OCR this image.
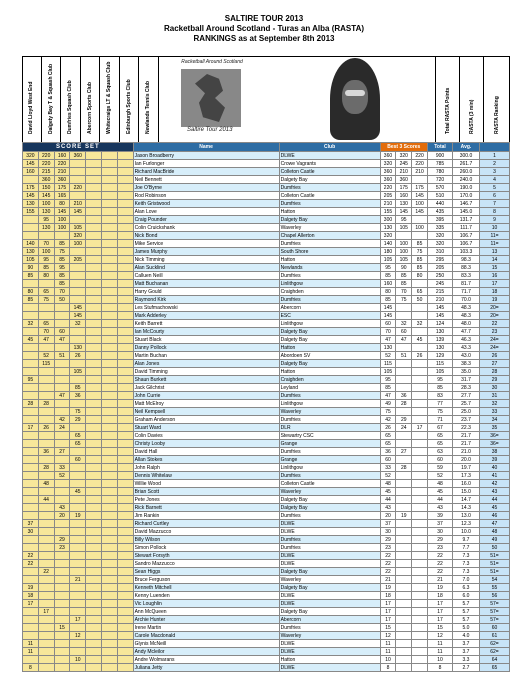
SALTIRE TOUR 2013
Racketball Around Scotland - Turas an Alba (RASTA)
RANKINGS as at September 8th 2013
David Lloyd West End	Dalgety Bay T & Squash Club	Dumfries Squash Club	Abercorn Sports Club	Whitecraigs LT & Squash Club	Edinburgh Sports Club	Newlands Tennis Club
Racketball Around Scotland
Saltire Tour 2013	Total RASTA Points	RASTA (3 min)	RASTA Ranking
SCORE SET							Name	Club	Best 3 Scores			Total	Avg.	
320	220	160	360				Jason Broadberry	DLWE	360	320	220	900	300.0	1
145	220	220					Ian Furlonger	Crowe Vagrants	320	245	220	785	261.7	2
160	215	210					Richard MacBride	Colleton Castle	360	210	210	780	260.0	3
	360	360					Neil Bennett	Dalgety Bay	360	360		720	240.0	4
175	150	175	220				Joe O'Byrne	Dumfries	220	175	175	570	190.0	5
145	145	165					Rod Robinson	Colleton Castle	205	160	145	510	170.0	6
130	100	80	210				Keith Gristwood	Dumfries	210	130	100	440	146.7	7
155	130	145	145				Alan Love	Hatton	155	145	145	435	145.0	8
	95	100					Craig Pounder	Dalgety Bay	300	95		395	131.7	9
	130	100	105				Colin Cruickshank	Waverley	130	105	100	335	111.7	10
			320				Nick Bond	Chapel Allerton	320			320	106.7	11=
140	70	85	100				Mike Service	Dumfries	140	100	85	320	106.7	11=
130	100	75					James Murphy	South Shore	180	100	75	310	103.3	13
105	95	85	205				Nick Timming	Hatton	105	105	85	295	98.3	14
90	85	95					Alan Sucklind	Newlands	95	90	85	205	88.3	15
85	80	85					Calluen Neill	Dumfries	85	85	80	250	83.3	16
		85					Matt Buchanan	Linlithgow	160	85		245	81.7	17
80	65	70					Harry Gould	Craighden	80	70	65	215	71.7	18
85	75	50					Raymond Kirk	Dumfries	85	75	50	210	70.0	19
			145				Les Stufmachowski	Abercorn	145			145	48.3	20=
			145				Mark Adderley	ESC	145			145	48.3	20=
32	65		32				Keith Barrett	Linlithgow	60	32	32	124	48.0	22
	70	60					Ian McCourty	Dalgety Bay	70	60		130	47.7	23
45	47	47					Stuart Black	Dalgety Bay	47	47	45	139	46.3	24=
			130				Danny Pollock	Hatton	130			130	43.3	24=
	52	51	26				Martin Buchan	Abordoen SV	52	51	26	129	43.0	26
	115						Alan Jones	Dalgety Bay	115			115	38.3	27
			105				David Timming	Hatton	105			105	35.0	28
95							Shaun Burkett	Craighden	95			95	31.7	29
			85				Jack Gilchrist	Leyland	85			85	28.3	30
		47	36				John Currie	Dumfries	47	36		83	27.7	31
28	28						Matt McElroy	Linlithgow	49	28		77	25.7	32
			75				Neil Kempsell	Waverley	75			75	25.0	33
		42	29				Graham Anderson	Dumfries	42	29		71	23.7	34
17	26	24					Stuart Ward	DLR	26	24	17	67	22.3	35
			65				Colin Davies	Stewartry CSC	65			65	21.7	36=
			65				Christy Looby	Grange	65			65	21.7	36=
	36	27					David Hall	Dumfries	36	27		63	21.0	38
			60				Allan Stokes	Grange	60			60	20.0	39
	28	33					John Ralph	Linlithgow	33	28		59	19.7	40
		52					Dennis Whitelaw	Dumfries	52			52	17.3	41
	48						Willie Wood	Colleton Castle	48			48	16.0	42
			45				Brian Scott	Waverley	45			45	15.0	43
	44						Pete Jones	Dalgety Bay	44			44	14.7	44
		43					Rick Barnett	Dalgety Bay	43			43	14.3	45
		20	19				Jim Rankin	Dumfries	20	19		39	13.0	46
37							Richard Curtley	DLWE	37			37	12.3	47
30							David Mazzucco	DLWE	30			30	10.0	48
		29					Billy Wilson	Dumfries	29			29	9.7	49
		23					Simon Pollock	Dumfries	23			23	7.7	50
22							Stewart Forsyth	DLWE	22			22	7.3	51=
22							Sandro Mazzucco	DLWE	22			22	7.3	51=
	22						Sean Higgs	Dalgety Bay	22			22	7.3	51=
			21				Bruce Ferguson	Waverley	21			21	7.0	54
19							Kenneth Mitchell	Dalgety Bay	19			19	6.3	55
18							Kenny Luenden	DLWE	18			18	6.0	56
17							Vic Loughlin	DLWE	17			17	5.7	57=
	17						Ann McQueen	Dalgety Bay	17			17	5.7	57=
			17				Archie Hunter	Abercorn	17			17	5.7	57=
		15					Irene Martin	Dumfries	15			15	5.0	60
			12				Carole Macdonald	Waverley	12			12	4.0	61
11							Glynis McNeill	DLWE	11			11	3.7	62=
11							Andy Mcleilor	DLWE	11			11	3.7	62=
			10				Andre Wolmarans	Hatton	10			10	3.3	64
8							Juliana Jetty	DLWE	8			8	2.7	65
